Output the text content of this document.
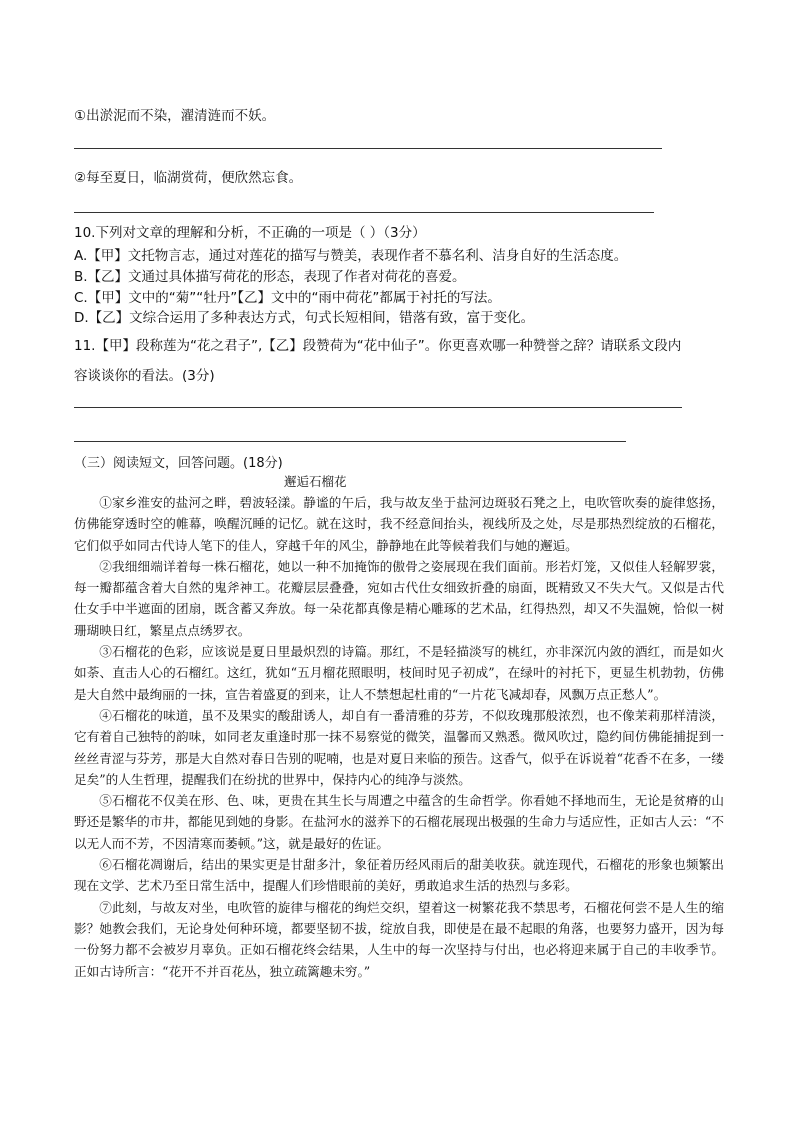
①出淤泥而不染，濯清涟而不妖。
②每至夏日，临湖赏荷，便欣然忘食。
10.下列对文章的理解和分析，不正确的一项是（ ）（3分）
A.【甲】文托物言志，通过对莲花的描写与赞美，表现作者不慕名利、洁身自好的生活态度。
B.【乙】文通过具体描写荷花的形态，表现了作者对荷花的喜爱。
C.【甲】文中的“菊”“牡丹”【乙】文中的“雨中荷花”都属于衬托的写法。
D.【乙】文综合运用了多种表达方式，句式长短相间，错落有致，富于变化。
11.【甲】段称莲为“花之君子”,【乙】段赞荷为“花中仙子”。你更喜欢哪一种赞誉之辞？请联系文段内
容谈谈你的看法。(3分)
（三）阅读短文，回答问题。(18分)
邂逅石榴花

①家乡淮安的盐河之畔，碧波轻漾。静谧的午后，我与故友坐于盐河边斑驳石凳之上，电吹管吹奏的旋律悠扬，仿佛能穿透时空的帷幕，唤醒沉睡的记忆。就在这时，我不经意间抬头，视线所及之处，尽是那热烈绽放的石榴花，它们似乎如同古代诗人笔下的佳人，穿越千年的风尘，静静地在此等候着我们与她的邂逅。

②我细细端详着每一株石榴花，她以一种不加掩饰的傲骨之姿展现在我们面前。形若灯笼，又似佳人轻解罗裳，每一瓣都蕴含着大自然的鬼斧神工。花瓣层层叠叠，宛如古代仕女细致折叠的扇面，既精致又不失大气。又似是古代仕女手中半遮面的团扇，既含蓄又奔放。每一朵花都真像是精心雕琢的艺术品，红得热烈，却又不失温婉，恰似一树珊瑚映日红，繁星点点绣罗衣。

③石榴花的色彩，应该说是夏日里最炽烈的诗篇。那红，不是轻描淡写的桃红，亦非深沉内敛的酒红，而是如火如荼、直击人心的石榴红。这红，犹如“五月榴花照眼明，枝间时见子初成”，在绿叶的衬托下，更显生机勃勃，仿佛是大自然中最绚丽的一抹，宣告着盛夏的到来，让人不禁想起杜甫的“一片花飞减却春，风飘万点正愁人”。

④石榴花的味道，虽不及果实的酸甜诱人，却自有一番清雅的芬芳，不似玫瑰那般浓烈，也不像茉莉那样清淡，它有着自己独特的韵味，如同老友重逢时那一抹不易察觉的微笑，温馨而又熟悉。微风吹过，隐约间仿佛能捕捉到一丝丝青涩与芬芳，那是大自然对春日告别的呢喃，也是对夏日来临的预告。这香气，似乎在诉说着“花香不在多，一缕足矣”的人生哲理，提醒我们在纷扰的世界中，保持内心的纯净与淡然。

⑤石榴花不仅美在形、色、味，更贵在其生长与周遭之中蕴含的生命哲学。你看她不择地而生，无论是贫瘠的山野还是繁华的市井，都能见到她的身影。在盐河水的滋养下的石榴花展现出极强的生命力与适应性，正如古人云：“不以无人而不芳，不因清寒而萎顿。”这，就是最好的佐证。

⑥石榴花凋谢后，结出的果实更是甘甜多汁，象征着历经风雨后的甜美收获。就连现代，石榴花的形象也频繁出现在文学、艺术乃至日常生活中，提醒人们珍惜眼前的美好，勇敢追求生活的热烈与多彩。

⑦此刻，与故友对坐，电吹管的旋律与榴花的绚烂交织，望着这一树繁花我不禁思考，石榴花何尝不是人生的缩影？她教会我们，无论身处何种环境，都要坚韧不拔，绽放自我，即使是在最不起眼的角落，也要努力盛开，因为每一份努力都不会被岁月辜负。正如石榴花终会结果，人生中的每一次坚持与付出，也必将迎来属于自己的丰收季节。正如古诗所言：“花开不并百花丛，独立疏篱趣未穷。”
